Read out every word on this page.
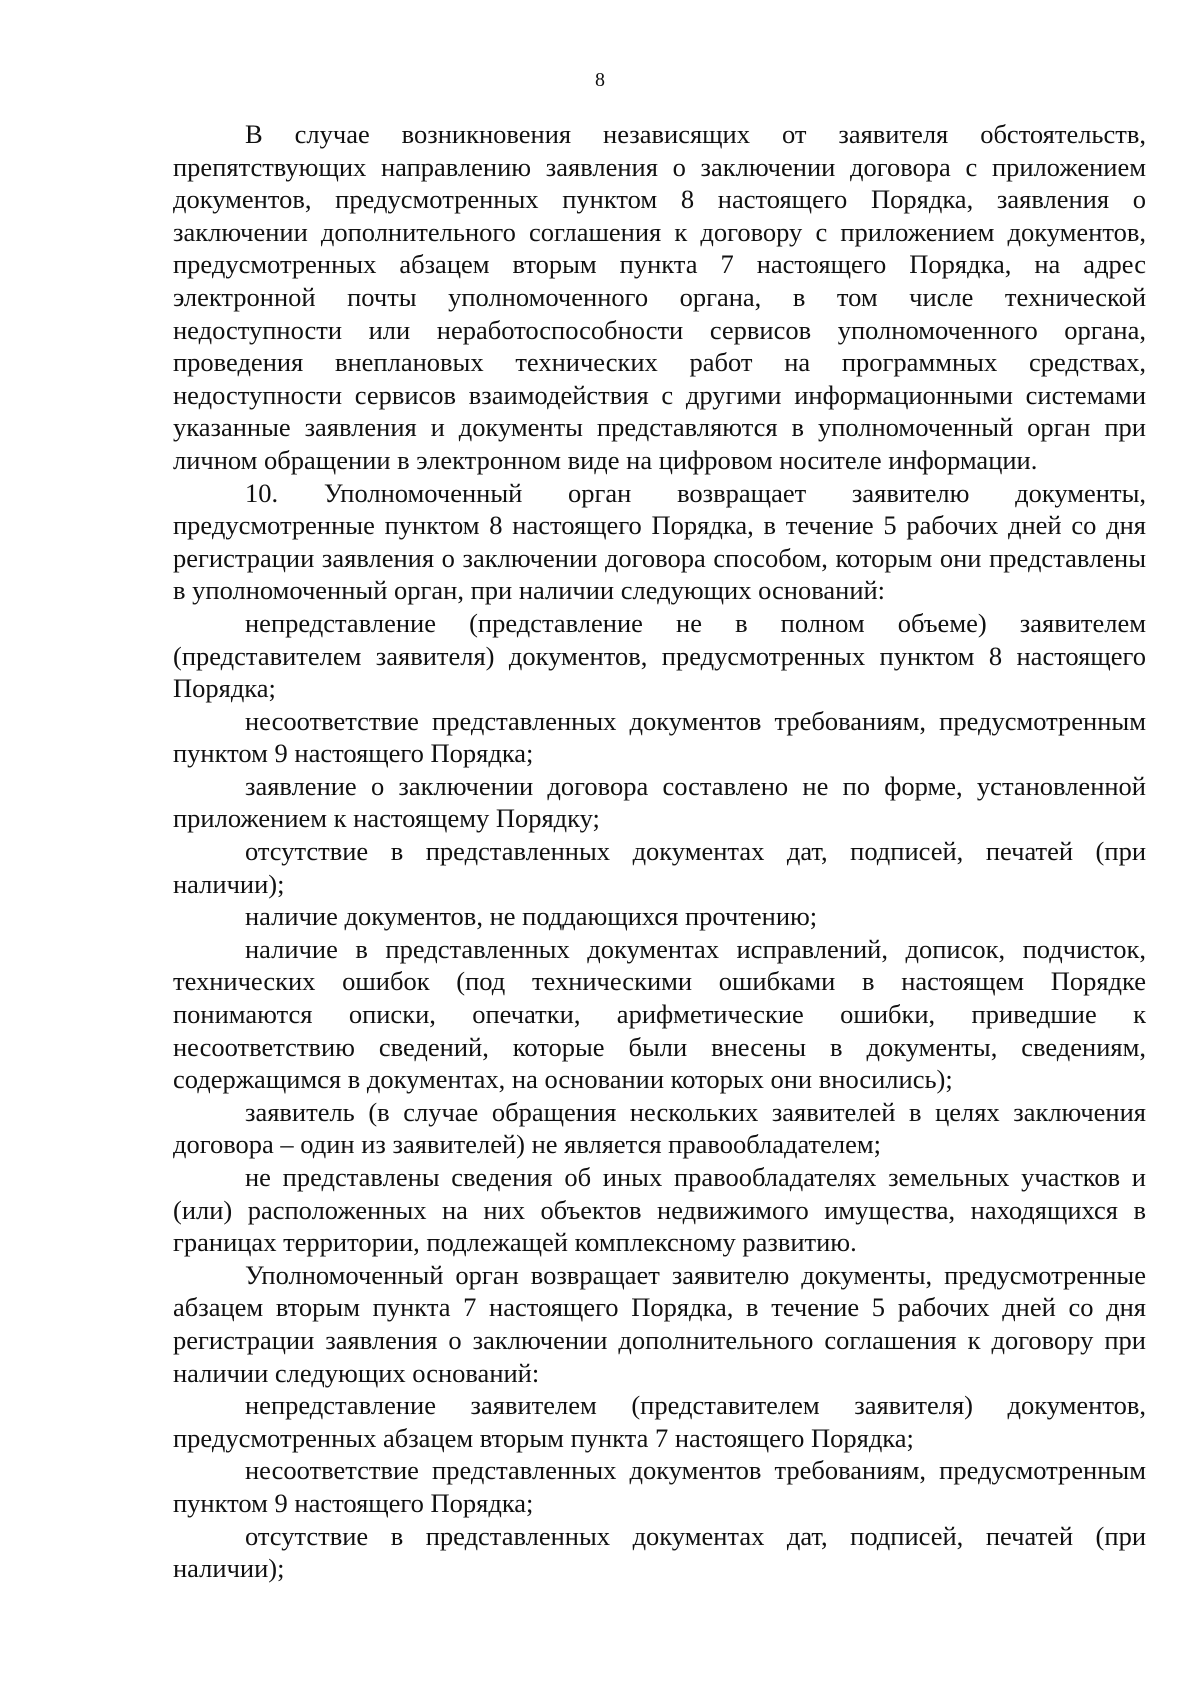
8

В случае возникновения независящих от заявителя обстоятельств, препятствующих направлению заявления о заключении договора с приложением документов, предусмотренных пунктом 8 настоящего Порядка, заявления о заключении дополнительного соглашения к договору с приложением документов, предусмотренных абзацем вторым пункта 7 настоящего Порядка, на адрес электронной почты уполномоченного органа, в том числе технической недоступности или неработоспособности сервисов уполномоченного органа, проведения внеплановых технических работ на программных средствах, недоступности сервисов взаимодействия с другими информационными системами указанные заявления и документы представляются в уполномоченный орган при личном обращении в электронном виде на цифровом носителе информации.

10. Уполномоченный орган возвращает заявителю документы, предусмотренные пунктом 8 настоящего Порядка, в течение 5 рабочих дней со дня регистрации заявления о заключении договора способом, которым они представлены в уполномоченный орган, при наличии следующих оснований:

непредставление (представление не в полном объеме) заявителем (представителем заявителя) документов, предусмотренных пунктом 8 настоящего Порядка;

несоответствие представленных документов требованиям, предусмотренным пунктом 9 настоящего Порядка;

заявление о заключении договора составлено не по форме, установленной приложением к настоящему Порядку;

отсутствие в представленных документах дат, подписей, печатей (при наличии);

наличие документов, не поддающихся прочтению;

наличие в представленных документах исправлений, дописок, подчисток, технических ошибок (под техническими ошибками в настоящем Порядке понимаются описки, опечатки, арифметические ошибки, приведшие к несоответствию сведений, которые были внесены в документы, сведениям, содержащимся в документах, на основании которых они вносились);

заявитель (в случае обращения нескольких заявителей в целях заключения договора – один из заявителей) не является правообладателем;

не представлены сведения об иных правообладателях земельных участков и (или) расположенных на них объектов недвижимого имущества, находящихся в границах территории, подлежащей комплексному развитию.

Уполномоченный орган возвращает заявителю документы, предусмотренные абзацем вторым пункта 7 настоящего Порядка, в течение 5 рабочих дней со дня регистрации заявления о заключении дополнительного соглашения к договору при наличии следующих оснований:

непредставление заявителем (представителем заявителя) документов, предусмотренных абзацем вторым пункта 7 настоящего Порядка;

несоответствие представленных документов требованиям, предусмотренным пунктом 9 настоящего Порядка;

отсутствие в представленных документах дат, подписей, печатей (при наличии);
